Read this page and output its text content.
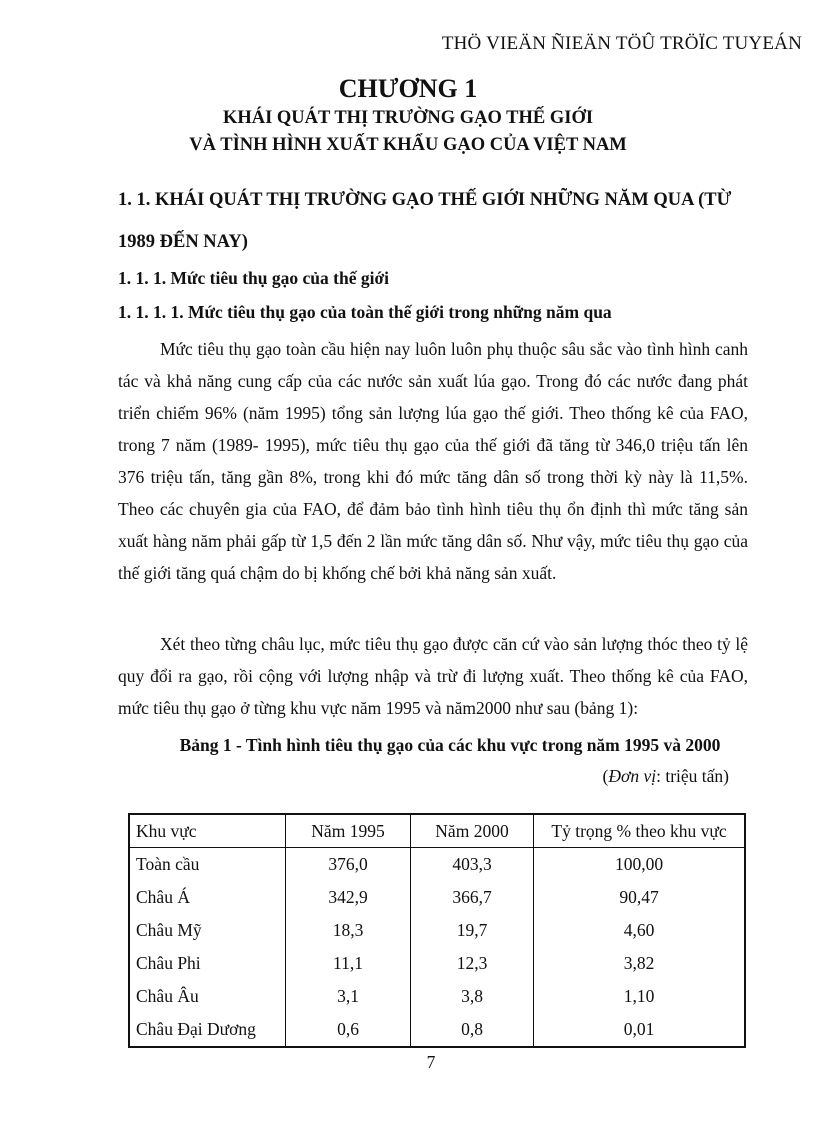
THÖ VIEÄN ÑIEÄN TÖÛ TRÖÏC TUYEÁN
CHƯƠNG 1
KHÁI QUÁT THỊ TRƯỜNG GẠO THẾ GIỚI
VÀ TÌNH HÌNH XUẤT KHẨU GẠO CỦA VIỆT NAM
1. 1. KHÁI QUÁT THỊ TRƯỜNG GẠO THẾ GIỚI NHỮNG NĂM QUA (TỪ
1989 ĐẾN NAY)
1. 1. 1. Mức tiêu thụ gạo của thế giới
1. 1. 1. 1. Mức tiêu thụ gạo của toàn thế giới trong những năm qua

Mức tiêu thụ gạo toàn cầu hiện nay luôn luôn phụ thuộc sâu sắc vào tình hình canh tác và khả năng cung cấp của các nước sản xuất lúa gạo. Trong đó các nước đang phát triển chiếm 96% (năm 1995) tổng sản lượng lúa gạo thế giới. Theo thống kê của FAO, trong 7 năm (1989- 1995), mức tiêu thụ gạo của thế giới đã tăng từ 346,0 triệu tấn lên 376 triệu tấn, tăng gần 8%, trong khi đó mức tăng dân số trong thời kỳ này là 11,5%. Theo các chuyên gia của FAO, để đảm bảo tình hình tiêu thụ ổn định thì mức tăng sản xuất hàng năm phải gấp từ 1,5 đến 2 lần mức tăng dân số. Như vậy, mức tiêu thụ gạo của thế giới tăng quá chậm do bị khống chế bởi khả năng sản xuất.

Xét theo từng châu lục, mức tiêu thụ gạo được căn cứ vào sản lượng thóc theo tỷ lệ quy đổi ra gạo, rồi cộng với lượng nhập và trừ đi lượng xuất. Theo thống kê của FAO, mức tiêu thụ gạo ở từng khu vực năm 1995 và năm2000 như sau (bảng 1):

Bảng 1 - Tình hình tiêu thụ gạo của các khu vực trong năm 1995 và 2000
(Đơn vị: triệu tấn)
Khu vực	Năm 1995	Năm 2000	Tỷ trọng % theo khu vực
Toàn cầu	376,0	403,3	100,00
Châu Á	342,9	366,7	90,47
Châu Mỹ	18,3	19,7	4,60
Châu Phi	11,1	12,3	3,82
Châu Âu	3,1	3,8	1,10
Châu Đại Dương	0,6	0,8	0,01
7
